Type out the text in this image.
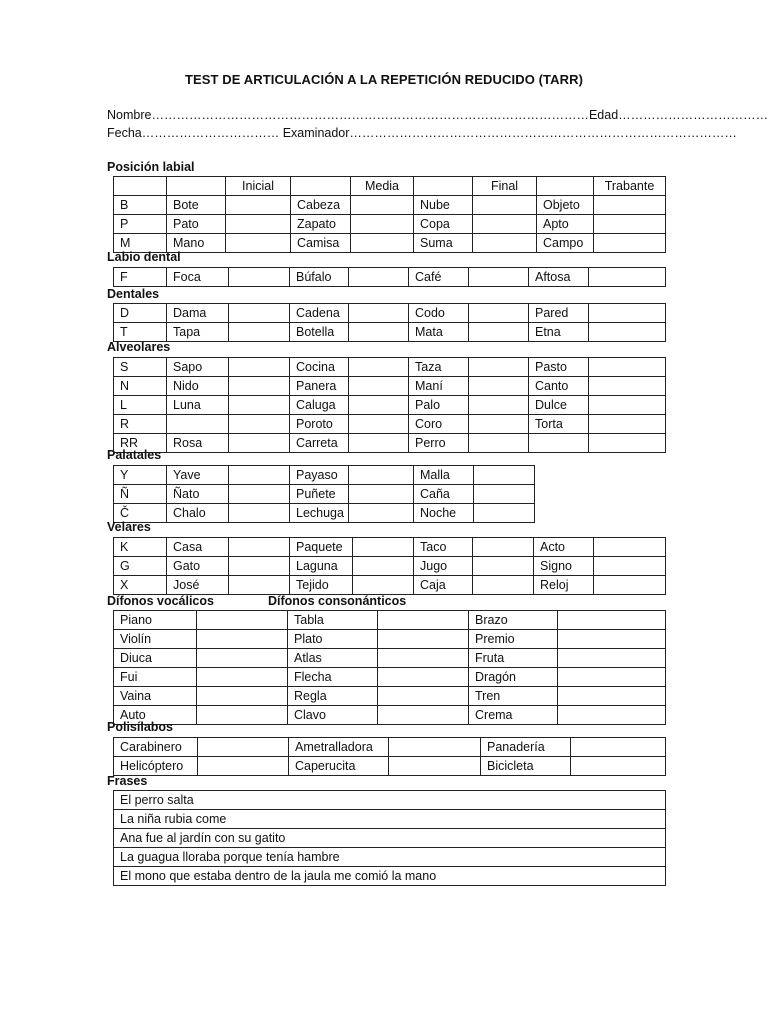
TEST DE ARTICULACIÓN A LA REPETICIÓN REDUCIDO (TARR)
Nombre……………………………………………………………………………………………Edad………………………………
Fecha…………………………… Examinador…………………………………………………………………………………
Posición labial
		Inicial		Media		Final		Trabante
B	Bote		Cabeza		Nube		Objeto	
P	Pato		Zapato		Copa		Apto	
M	Mano		Camisa		Suma		Campo	
Labio dental
F	Foca		Búfalo		Café		Aftosa	
Dentales
D	Dama		Cadena		Codo		Pared	
T	Tapa		Botella		Mata		Etna	
Alveolares
S	Sapo		Cocina		Taza		Pasto	
N	Nido		Panera		Maní		Canto	
L	Luna		Caluga		Palo		Dulce	
R			Poroto		Coro		Torta	
RR	Rosa		Carreta		Perro			
Palatales
Y	Yave		Payaso		Malla	
Ñ	Ñato		Puñete		Caña	
Č	Chalo		Lechuga		Noche	
Velares
K	Casa		Paquete		Taco		Acto	
G	Gato		Laguna		Jugo		Signo	
X	José		Tejido		Caja		Reloj	
Dífonos vocálicos	Dífonos consonánticos
Piano		Tabla		Brazo	
Violín		Plato		Premio	
Diuca		Atlas		Fruta	
Fui		Flecha		Dragón	
Vaina		Regla		Tren	
Auto		Clavo		Crema	
Polisílabos
Carabinero		Ametralladora		Panadería	
Helicóptero		Caperucita		Bicicleta	
Frases
El perro salta
La niña rubia come
Ana fue al jardín con su gatito
La guagua lloraba porque tenía hambre
El mono que estaba dentro de la jaula me comió la mano
